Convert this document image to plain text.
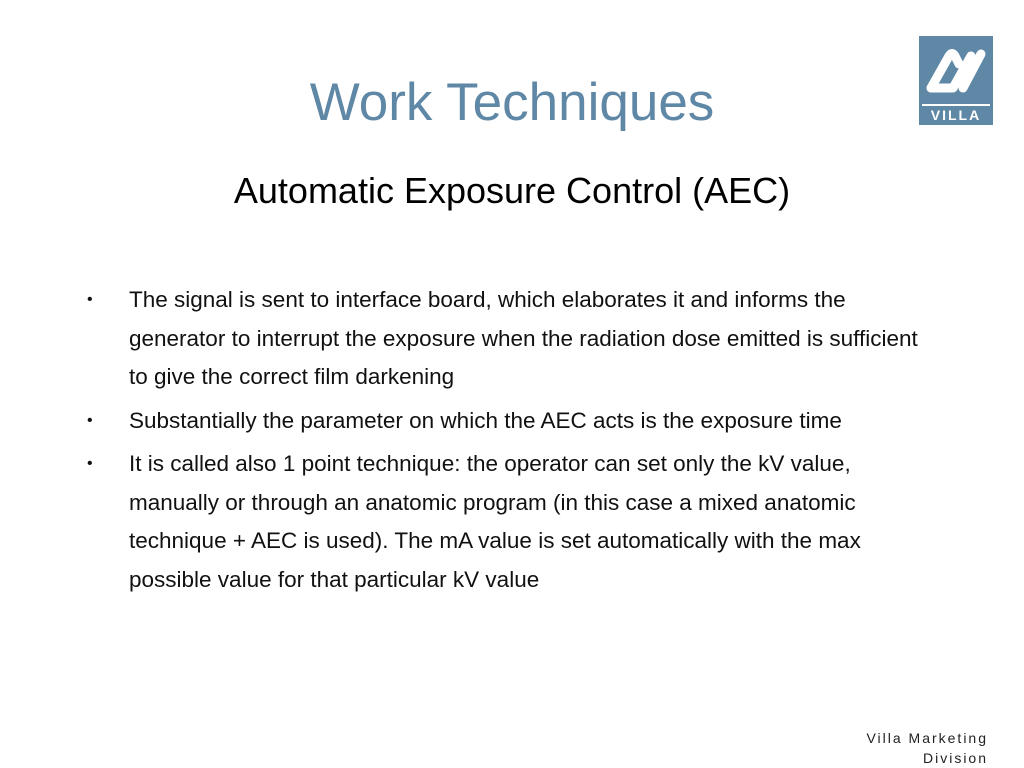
Work Techniques
Automatic Exposure Control (AEC)
VILLA
• The signal is sent to interface board, which elaborates it and informs the generator to interrupt the exposure when the radiation dose emitted is sufficient to give the correct film darkening
• Substantially the parameter on which the AEC acts is the exposure time
• It is called also 1 point technique: the operator can set only the kV value, manually or through an anatomic program (in this case a mixed anatomic technique + AEC is used). The mA value is set automatically with the max possible value for that particular kV value
Villa Marketing
Division
